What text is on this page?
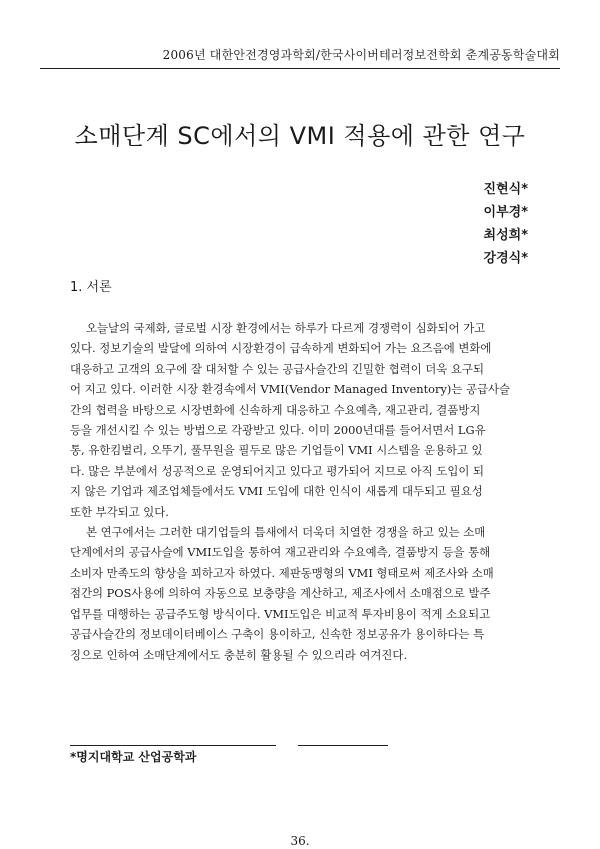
2006년 대한안전경영과학회/한국사이버테러정보전학회 춘계공동학술대회
소매단계 SC에서의 VMI 적용에 관한 연구
진현식*
이부경*
최성희*
강경식*
1. 서론

오늘날의 국제화, 글로벌 시장 환경에서는 하루가 다르게 경쟁력이 심화되어 가고
있다. 정보기술의 발달에 의하여 시장환경이 급속하게 변화되어 가는 요즈음에 변화에
대응하고 고객의 요구에 잘 대처할 수 있는 공급사슬간의 긴밀한 협력이 더욱 요구되
어 지고 있다. 이러한 시장 환경속에서 VMI(Vendor Managed Inventory)는 공급사슬
간의 협력을 바탕으로 시장변화에 신속하게 대응하고 수요예측, 재고관리, 결품방지
등을 개선시킬 수 있는 방법으로 각광받고 있다. 이미 2000년대를 들어서면서 LG유
통, 유한킴벌리, 오뚜기, 풀무원을 필두로 많은 기업들이 VMI 시스템을 운용하고 있
다. 많은 부분에서 성공적으로 운영되어지고 있다고 평가되어 지므로 아직 도입이 되
지 않은 기업과 제조업체들에서도 VMI 도입에 대한 인식이 새롭게 대두되고 필요성
또한 부각되고 있다.

본 연구에서는 그러한 대기업들의 틈새에서 더욱더 치열한 경쟁을 하고 있는 소매
단계에서의 공급사슬에 VMI도입을 통하여 재고관리와 수요예측, 결품방지 등을 통해
소비자 만족도의 향상을 꾀하고자 하였다. 제판동맹형의 VMI 형태로써 제조사와 소매
점간의 POS사용에 의하여 자동으로 보충량을 계산하고, 제조사에서 소매점으로 발주
업무를 대행하는 공급주도형 방식이다. VMI도입은 비교적 투자비용이 적게 소요되고
공급사슬간의 정보데이터베이스 구축이 용이하고, 신속한 정보공유가 용이하다는 특
징으로 인하여 소매단계에서도 충분히 활용될 수 있으리라 여겨진다.

*명지대학교 산업공학과
36.
